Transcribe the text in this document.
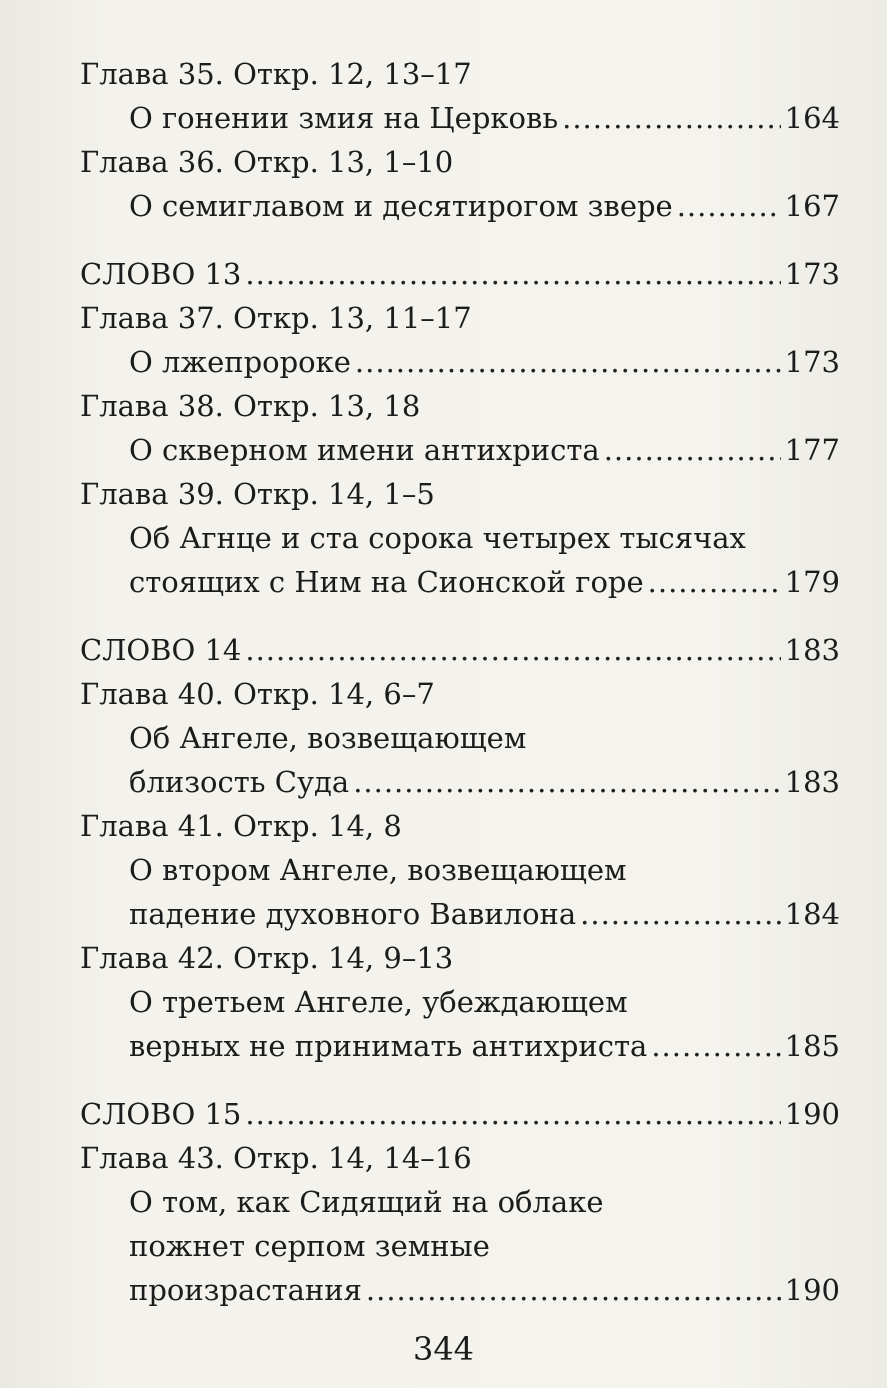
Глава 35. Откр. 12, 13–17
О гонении змия на Церковь .....	164
Глава 36. Откр. 13, 1–10
О семиглавом и десятирогом звере .....	167
СЛОВО 13 .....	173
Глава 37. Откр. 13, 11–17
О лжепророке .....	173
Глава 38. Откр. 13, 18
О скверном имени антихриста .....	177
Глава 39. Откр. 14, 1–5
Об Агнце и ста сорока четырех тысячах
стоящих с Ним на Сионской горе .....	179
СЛОВО 14 .....	183
Глава 40. Откр. 14, 6–7
Об Ангеле, возвещающем
близость Суда .....	183
Глава 41. Откр. 14, 8
О втором Ангеле, возвещающем
падение духовного Вавилона .....	184
Глава 42. Откр. 14, 9–13
О третьем Ангеле, убеждающем
верных не принимать антихриста .....	185
СЛОВО 15 .....	190
Глава 43. Откр. 14, 14–16
О том, как Сидящий на облаке
пожнет серпом земные
произрастания .....	190
344
